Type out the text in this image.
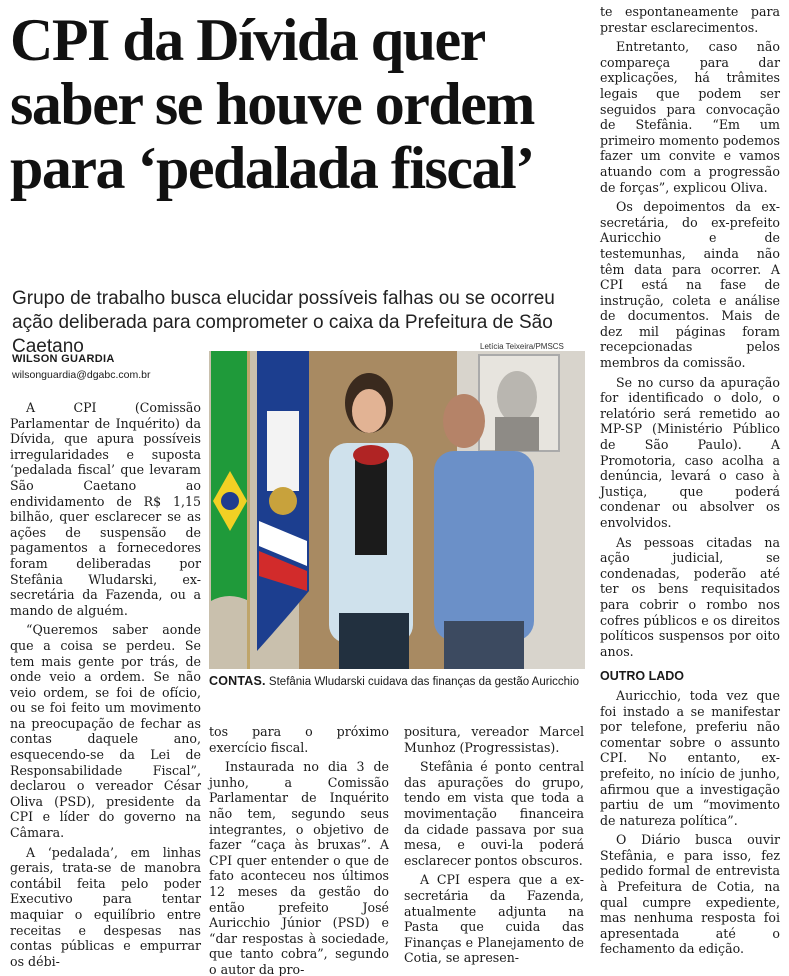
CPI da Dívida quer saber se houve ordem para ‘pedalada fiscal’
Grupo de trabalho busca elucidar possíveis falhas ou se ocorreu ação deliberada para comprometer o caixa da Prefeitura de São Caetano
WILSON GUARDIA
wilsonguardia@dgabc.com.br

A CPI (Comissão Parlamentar de Inquérito) da Dívida, que apura possíveis irregularidades e suposta ‘pedalada fiscal’ que levaram São Caetano ao endividamento de R$ 1,15 bilhão, quer esclarecer se as ações de suspensão de pagamentos a fornecedores foram deliberadas por Stefânia Wludarski, ex-secretária da Fazenda, ou a mando de alguém.

“Queremos saber aonde que a coisa se perdeu. Se tem mais gente por trás, de onde veio a ordem. Se não veio ordem, se foi de ofício, ou se foi feito um movimento na preocupação de fechar as contas daquele ano, esquecendo-se da Lei de Responsabilidade Fiscal”, declarou o vereador César Oliva (PSD), presidente da CPI e líder do governo na Câmara.

A ‘pedalada’, em linhas gerais, trata-se de manobra contábil feita pelo poder Executivo para tentar maquiar o equilíbrio entre receitas e despesas nas contas públicas e empurrar os débi-

Letícia Teixeira/PMSCS
CONTAS. Stefânia Wludarski cuidava das finanças da gestão Auricchio

tos para o próximo exercício fiscal.

Instaurada no dia 3 de junho, a Comissão Parlamentar de Inquérito não tem, segundo seus integrantes, o objetivo de fazer “caça às bruxas”. A CPI quer entender o que de fato aconteceu nos últimos 12 meses da gestão do então prefeito José Auricchio Júnior (PSD) e “dar respostas à sociedade, que tanto cobra”, segundo o autor da pro-

positura, vereador Marcel Munhoz (Progressistas).

Stefânia é ponto central das apurações do grupo, tendo em vista que toda a movimentação financeira da cidade passava por sua mesa, e ouvi-la poderá esclarecer pontos obscuros.

A CPI espera que a ex-secretária da Fazenda, atualmente adjunta na Pasta que cuida das Finanças e Planejamento de Cotia, se apresen-

te espontaneamente para prestar esclarecimentos.

Entretanto, caso não compareça para dar explicações, há trâmites legais que podem ser seguidos para convocação de Stefânia. “Em um primeiro momento podemos fazer um convite e vamos atuando com a progressão de forças”, explicou Oliva.

Os depoimentos da ex-secretária, do ex-prefeito Auricchio e de testemunhas, ainda não têm data para ocorrer. A CPI está na fase de instrução, coleta e análise de documentos. Mais de dez mil páginas foram recepcionadas pelos membros da comissão.

Se no curso da apuração for identificado o dolo, o relatório será remetido ao MP-SP (Ministério Público de São Paulo). A Promotoria, caso acolha a denúncia, levará o caso à Justiça, que poderá condenar ou absolver os envolvidos.

As pessoas citadas na ação judicial, se condenadas, poderão até ter os bens requisitados para cobrir o rombo nos cofres públicos e os direitos políticos suspensos por oito anos.

OUTRO LADO

Auricchio, toda vez que foi instado a se manifestar por telefone, preferiu não comentar sobre o assunto CPI. No entanto, ex-prefeito, no início de junho, afirmou que a investigação partiu de um “movimento de natureza política”.

O Diário busca ouvir Stefânia, e para isso, fez pedido formal de entrevista à Prefeitura de Cotia, na qual cumpre expediente, mas nenhuma resposta foi apresentada até o fechamento da edição.
